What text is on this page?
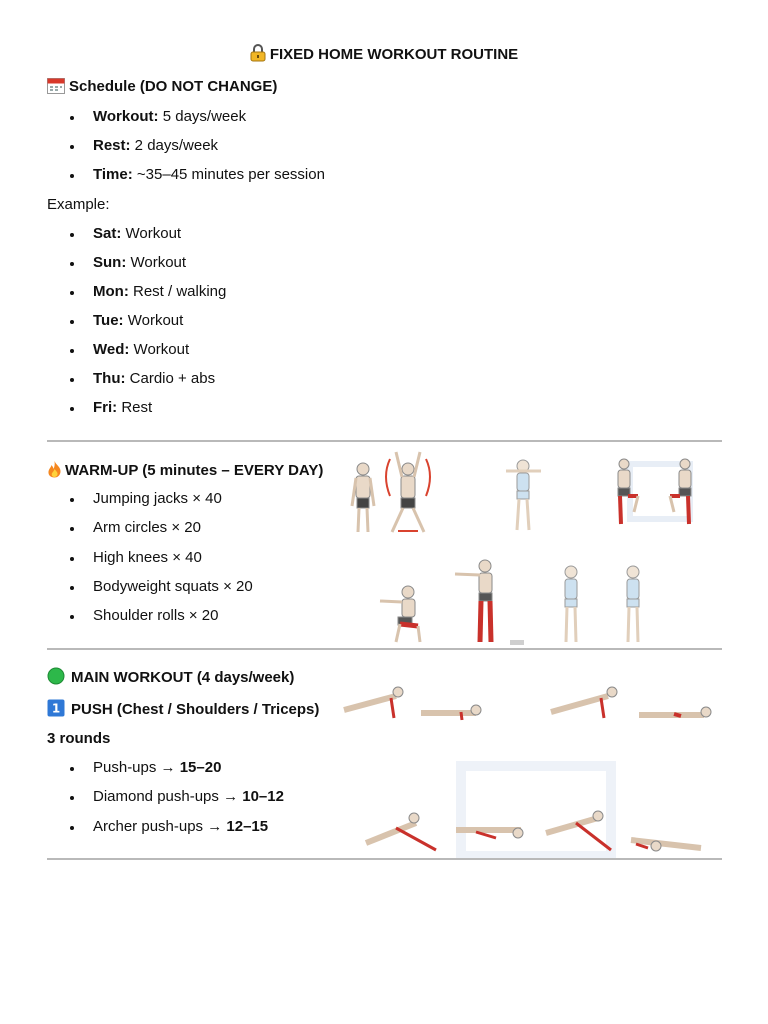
FIXED HOME WORKOUT ROUTINE
Schedule (DO NOT CHANGE)
Workout: 5 days/week
Rest: 2 days/week
Time: ~35–45 minutes per session
Example:
Sat: Workout
Sun: Workout
Mon: Rest / walking
Tue: Workout
Wed: Workout
Thu: Cardio + abs
Fri: Rest
WARM-UP (5 minutes – EVERY DAY)
Jumping jacks × 40
Arm circles × 20
High knees × 40
Bodyweight squats × 20
Shoulder rolls × 20
MAIN WORKOUT (4 days/week)
1 PUSH (Chest / Shoulders / Triceps)
3 rounds
Push-ups → 15–20
Diamond push-ups → 10–12
Archer push-ups → 12–15
